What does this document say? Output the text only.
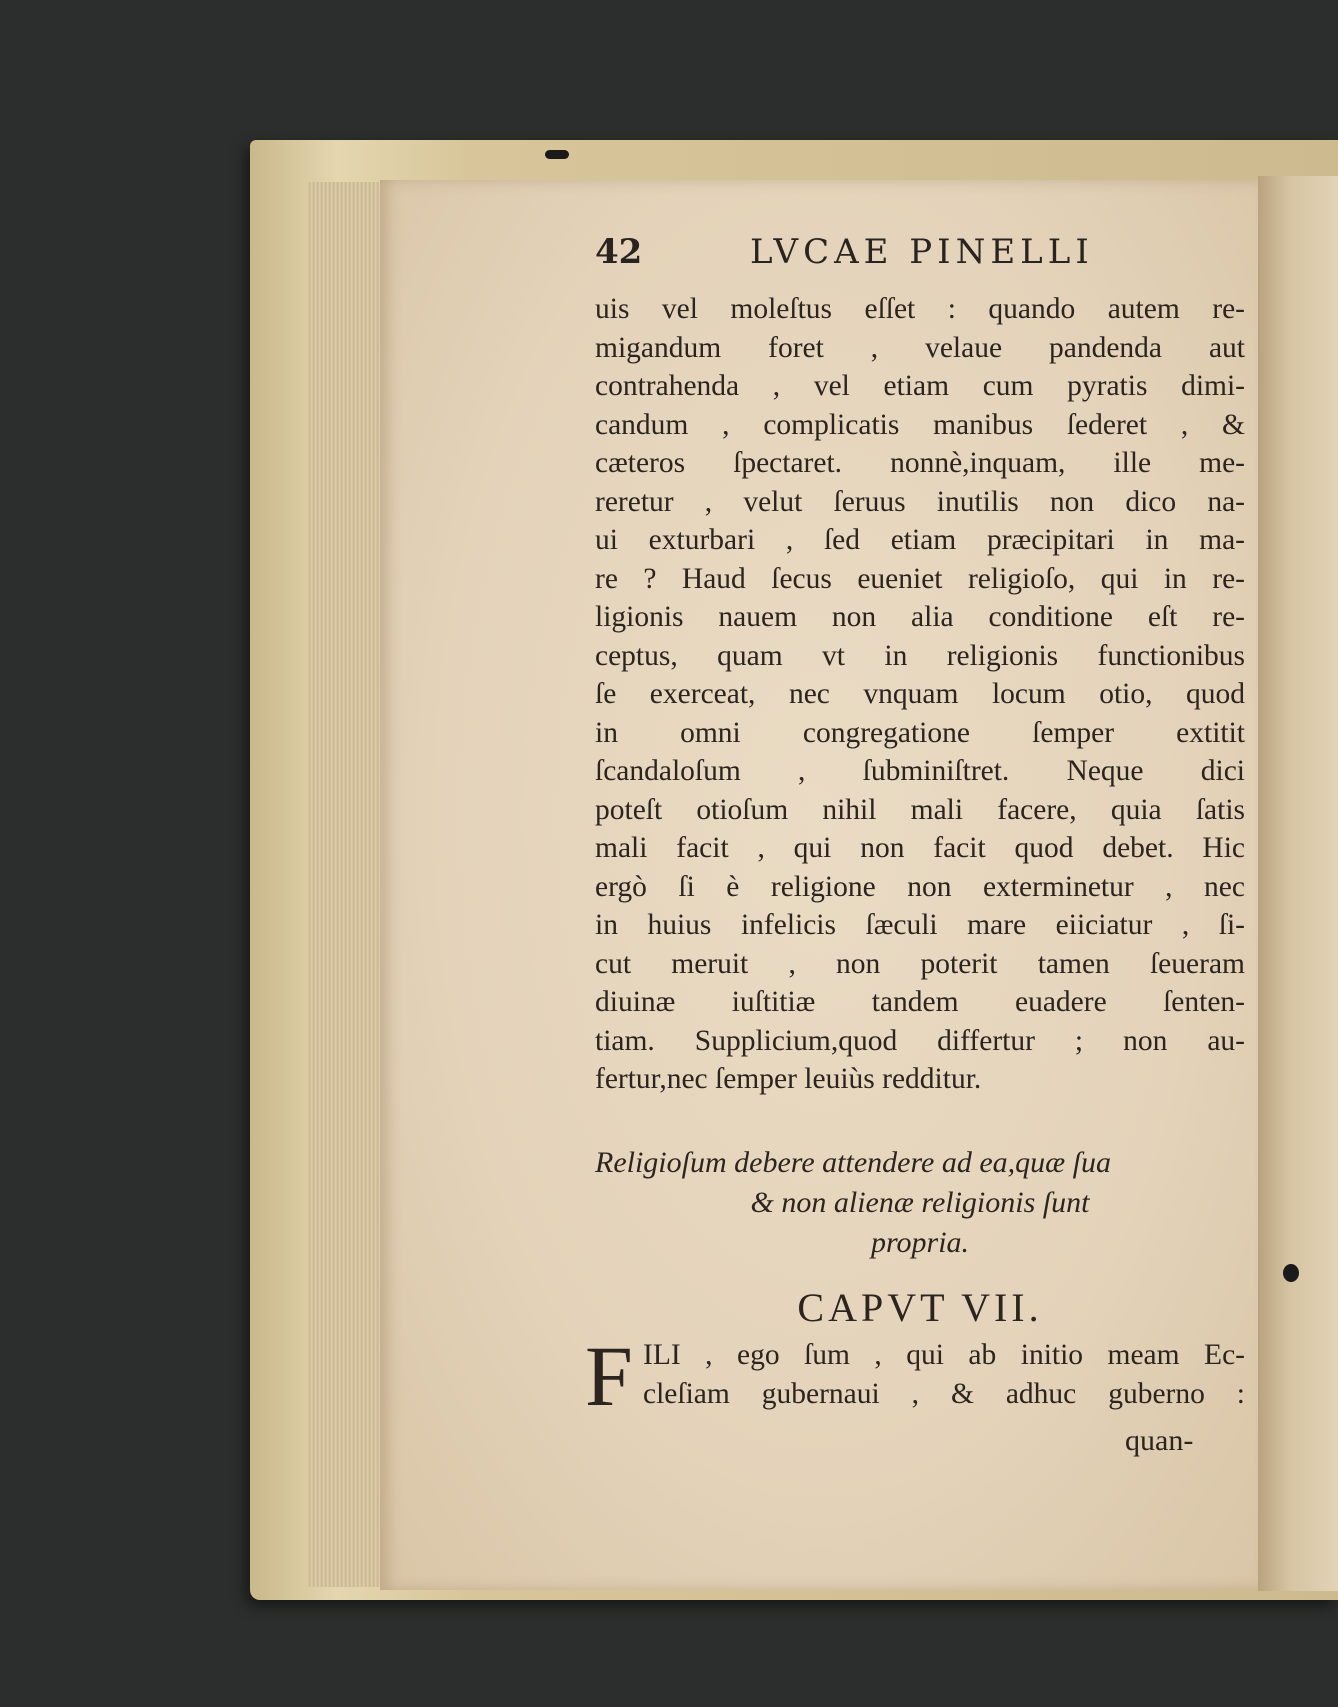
42	LVCAE PINELLI
uis vel moleſtus eſſet : quando autem re-
migandum foret , velaue pandenda aut
contrahenda , vel etiam cum pyratis dimi-
candum , complicatis manibus ſederet , &
cæteros ſpectaret. nonnè,inquam, ille me-
reretur , velut ſeruus inutilis non dico na-
ui exturbari , ſed etiam præcipitari in ma-
re ? Haud ſecus eueniet religioſo, qui in re-
ligionis nauem non alia conditione eſt re-
ceptus, quam vt in religionis functionibus
ſe exerceat, nec vnquam locum otio, quod
in omni congregatione ſemper extitit
ſcandaloſum , ſubminiſtret. Neque dici
poteſt otioſum nihil mali facere, quia ſatis
mali facit , qui non facit quod debet. Hic
ergò ſi è religione non exterminetur , nec
in huius infelicis ſæculi mare eiiciatur , ſi-
cut meruit , non poterit tamen ſeueram
diuinæ iuſtitiæ tandem euadere ſenten-
tiam. Supplicium,quod differtur ; non au-
fertur,nec ſemper leuiùs redditur.
Religioſum debere attendere ad ea,quæ ſua
& non alienæ religionis ſunt
propria.
CAPVT VII.
F ILI , ego ſum , qui ab initio meam Ec-
cleſiam gubernaui , & adhuc guberno :
quan-
